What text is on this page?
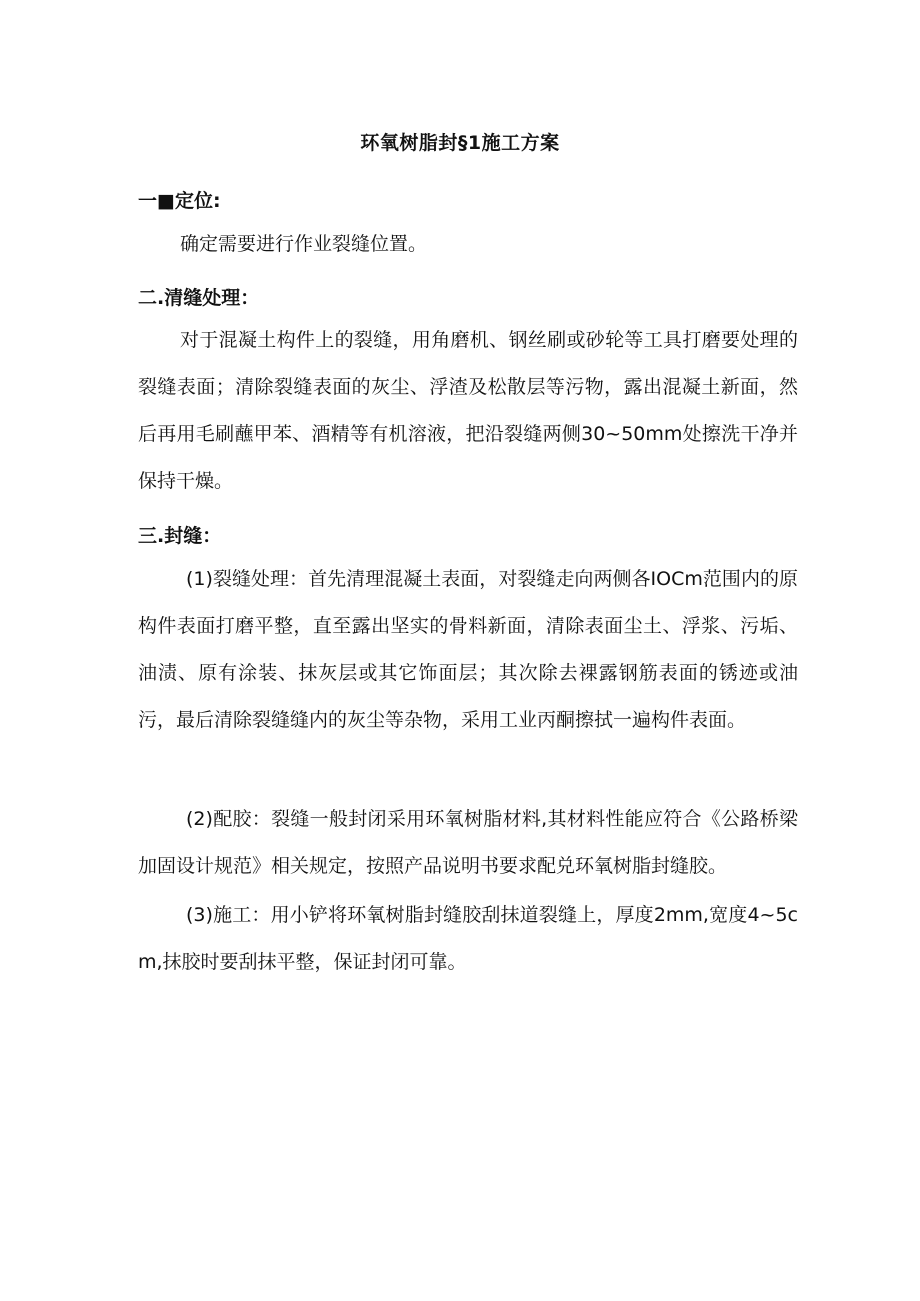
环氧树脂封§1施工方案
一■定位:
确定需要进行作业裂缝位置。
二.清缝处理：
对于混凝土构件上的裂缝，用角磨机、钢丝刷或砂轮等工具打磨要处理的裂缝表面；清除裂缝表面的灰尘、浮渣及松散层等污物，露出混凝土新面，然后再用毛刷蘸甲苯、酒精等有机溶液，把沿裂缝两侧30~50mm处擦洗干净并保持干燥。
三.封缝：
(1)裂缝处理：首先清理混凝土表面，对裂缝走向两侧各IOCm范围内的原构件表面打磨平整，直至露出坚实的骨料新面，清除表面尘土、浮浆、污垢、油渍、原有涂装、抹灰层或其它饰面层；其次除去裸露钢筋表面的锈迹或油污，最后清除裂缝缝内的灰尘等杂物，采用工业丙酮擦拭一遍构件表面。
(2)配胶：裂缝一般封闭采用环氧树脂材料,其材料性能应符合《公路桥梁加固设计规范》相关规定，按照产品说明书要求配兑环氧树脂封缝胶。
(3)施工：用小铲将环氧树脂封缝胶刮抹道裂缝上，厚度2mm,宽度4~5cm,抹胶时要刮抹平整，保证封闭可靠。
